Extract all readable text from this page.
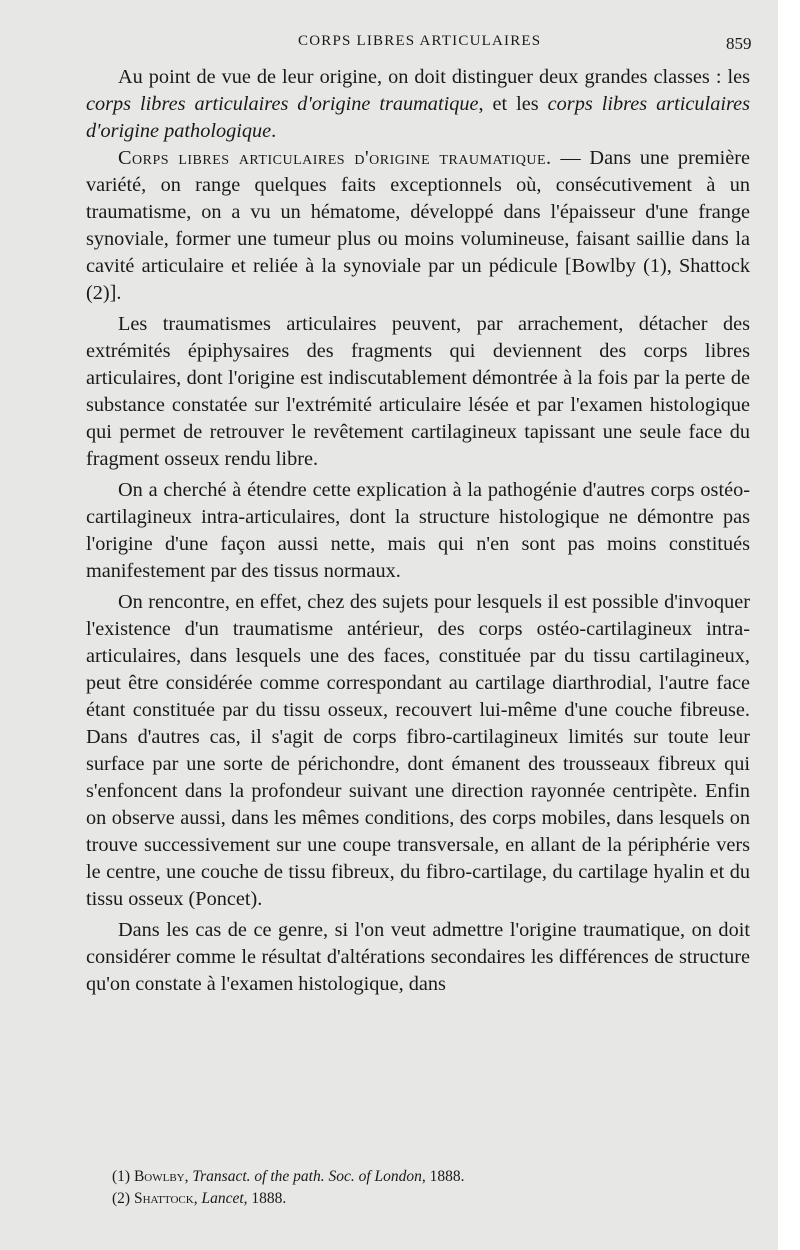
CORPS LIBRES ARTICULAIRES	859

Au point de vue de leur origine, on doit distinguer deux grandes classes : les corps libres articulaires d'origine traumatique, et les corps libres articulaires d'origine pathologique.

Corps libres articulaires d'origine traumatique. — Dans une première variété, on range quelques faits exceptionnels où, consécutivement à un traumatisme, on a vu un hématome, développé dans l'épaisseur d'une frange synoviale, former une tumeur plus ou moins volumineuse, faisant saillie dans la cavité articulaire et reliée à la synoviale par un pédicule [Bowlby (1), Shattock (2)].

Les traumatismes articulaires peuvent, par arrachement, détacher des extrémités épiphysaires des fragments qui deviennent des corps libres articulaires, dont l'origine est indiscutablement démontrée à la fois par la perte de substance constatée sur l'extrémité articulaire lésée et par l'examen histologique qui permet de retrouver le revêtement cartilagineux tapissant une seule face du fragment osseux rendu libre.

On a cherché à étendre cette explication à la pathogénie d'autres corps ostéo-cartilagineux intra-articulaires, dont la structure histologique ne démontre pas l'origine d'une façon aussi nette, mais qui n'en sont pas moins constitués manifestement par des tissus normaux.

On rencontre, en effet, chez des sujets pour lesquels il est possible d'invoquer l'existence d'un traumatisme antérieur, des corps ostéo-cartilagineux intra-articulaires, dans lesquels une des faces, constituée par du tissu cartilagineux, peut être considérée comme correspondant au cartilage diarthrodial, l'autre face étant constituée par du tissu osseux, recouvert lui-même d'une couche fibreuse. Dans d'autres cas, il s'agit de corps fibro-cartilagineux limités sur toute leur surface par une sorte de périchondre, dont émanent des trousseaux fibreux qui s'enfoncent dans la profondeur suivant une direction rayonnée centripète. Enfin on observe aussi, dans les mêmes conditions, des corps mobiles, dans lesquels on trouve successivement sur une coupe transversale, en allant de la périphérie vers le centre, une couche de tissu fibreux, du fibro-cartilage, du cartilage hyalin et du tissu osseux (Poncet).

Dans les cas de ce genre, si l'on veut admettre l'origine traumatique, on doit considérer comme le résultat d'altérations secondaires les différences de structure qu'on constate à l'examen histologique, dans

(1) Bowlby, Transact. of the path. Soc. of London, 1888.

(2) Shattock, Lancet, 1888.
